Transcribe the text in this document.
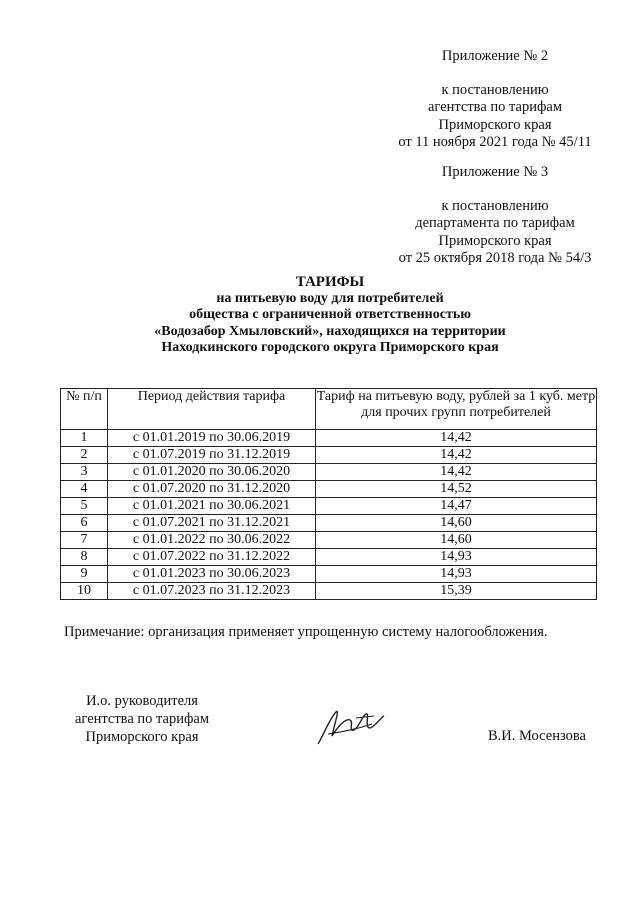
Приложение № 2
к постановлению
агентства по тарифам
Приморского края
от 11 ноября 2021 года № 45/11
Приложение № 3
к постановлению
департамента по тарифам
Приморского края
от 25 октября 2018 года № 54/3
ТАРИФЫ
на питьевую воду для потребителей
общества с ограниченной ответственностью
«Водозабор Хмыловский», находящихся на территории
Находкинского городского округа Приморского края
№ п/п	Период действия тарифа	Тариф на питьевую воду, рублей за 1 куб. метр для прочих групп потребителей
1	с 01.01.2019 по 30.06.2019	14,42
2	с 01.07.2019 по 31.12.2019	14,42
3	с 01.01.2020 по 30.06.2020	14,42
4	с 01.07.2020 по 31.12.2020	14,52
5	с 01.01.2021 по 30.06.2021	14,47
6	с 01.07.2021 по 31.12.2021	14,60
7	с 01.01.2022 по 30.06.2022	14,60
8	с 01.07.2022 по 31.12.2022	14,93
9	с 01.01.2023 по 30.06.2023	14,93
10	с 01.07.2023 по 31.12.2023	15,39
Примечание: организация применяет упрощенную систему налогообложения.
И.о. руководителя
агентства по тарифам
Приморского края	В.И. Мосензова
